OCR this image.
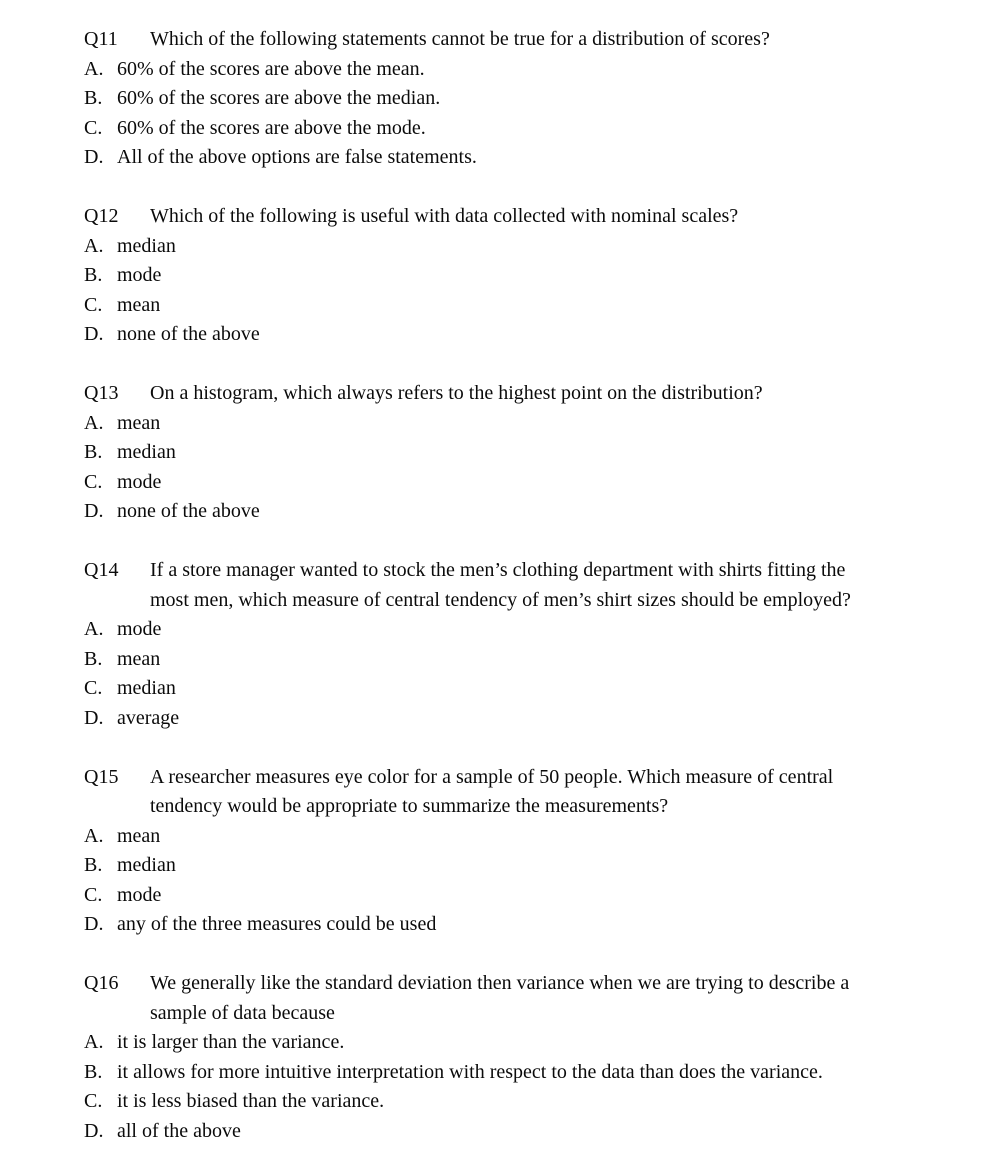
Q11	Which of the following statements cannot be true for a distribution of scores?
A. 60% of the scores are above the mean.
B. 60% of the scores are above the median.
C. 60% of the scores are above the mode.
D. All of the above options are false statements.
Q12	Which of the following is useful with data collected with nominal scales?
A. median
B. mode
C. mean
D. none of the above
Q13	On a histogram, which always refers to the highest point on the distribution?
A. mean
B. median
C. mode
D. none of the above
Q14	If a store manager wanted to stock the men’s clothing department with shirts fitting the
most men, which measure of central tendency of men’s shirt sizes should be employed?
A. mode
B. mean
C. median
D. average
Q15	A researcher measures eye color for a sample of 50 people. Which measure of central
tendency would be appropriate to summarize the measurements?
A. mean
B. median
C. mode
D. any of the three measures could be used
Q16	We generally like the standard deviation then variance when we are trying to describe a
sample of data because
A. it is larger than the variance.
B. it allows for more intuitive interpretation with respect to the data than does the variance.
C. it is less biased than the variance.
D. all of the above
